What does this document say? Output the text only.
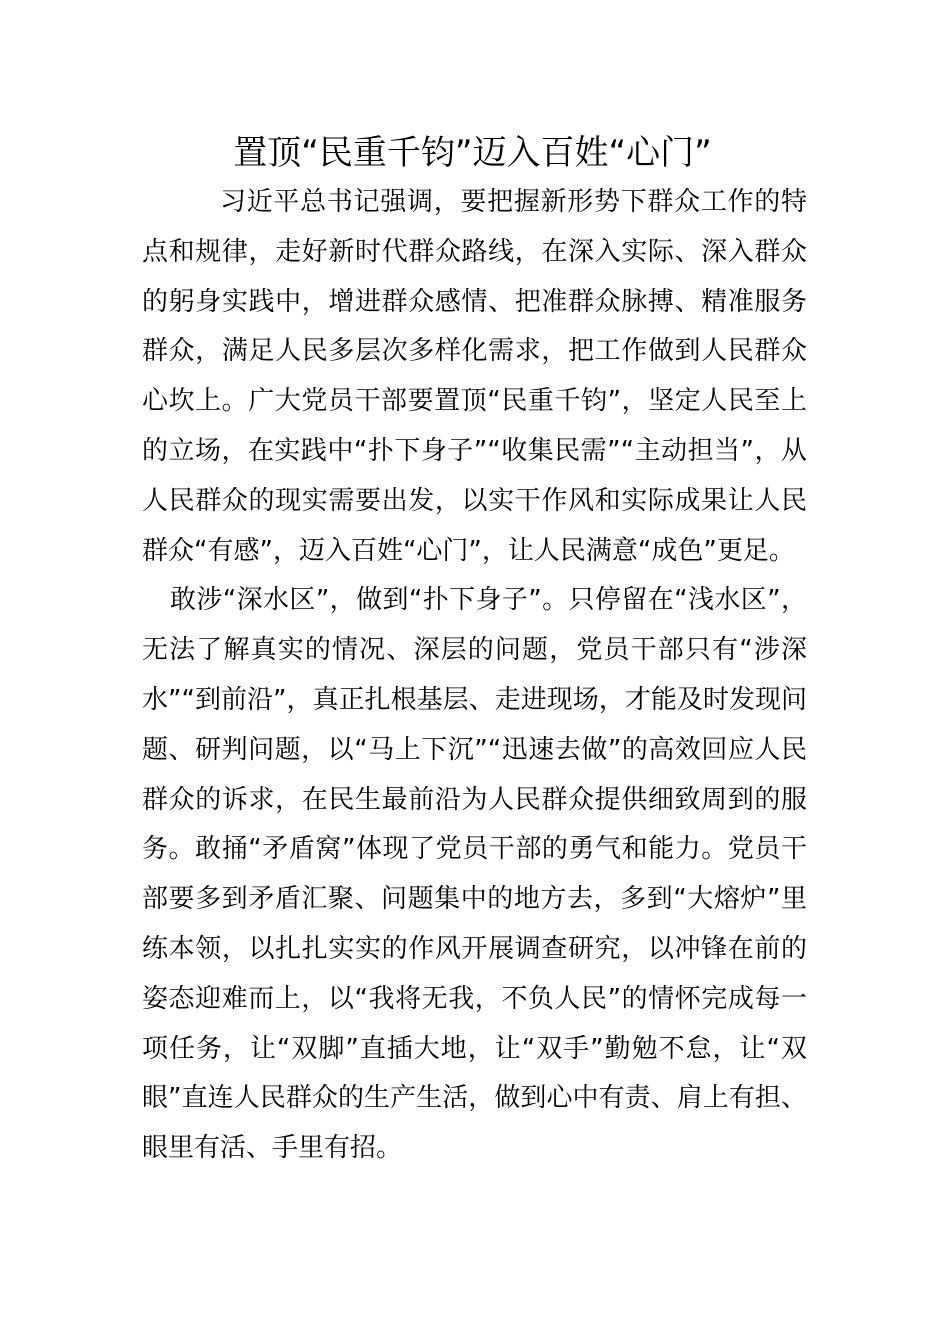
置顶“民重千钧”迈入百姓“心门”

习近平总书记强调，要把握新形势下群众工作的特点和规律，走好新时代群众路线，在深入实际、深入群众的躬身实践中，增进群众感情、把准群众脉搏、精准服务群众，满足人民多层次多样化需求，把工作做到人民群众心坎上。广大党员干部要置顶“民重千钧”，坚定人民至上的立场，在实践中“扑下身子”“收集民需”“主动担当”，从人民群众的现实需要出发，以实干作风和实际成果让人民群众“有感”，迈入百姓“心门”，让人民满意“成色”更足。

敢涉“深水区”，做到“扑下身子”。只停留在“浅水区”，无法了解真实的情况、深层的问题，党员干部只有“涉深水”“到前沿”，真正扎根基层、走进现场，才能及时发现问题、研判问题，以“马上下沉”“迅速去做”的高效回应人民群众的诉求，在民生最前沿为人民群众提供细致周到的服务。敢捅“矛盾窝”体现了党员干部的勇气和能力。党员干部要多到矛盾汇聚、问题集中的地方去，多到“大熔炉”里练本领，以扎扎实实的作风开展调查研究，以冲锋在前的姿态迎难而上，以“我将无我，不负人民”的情怀完成每一项任务，让“双脚”直插大地，让“双手”勤勉不怠，让“双眼”直连人民群众的生产生活，做到心中有责、肩上有担、眼里有活、手里有招。
